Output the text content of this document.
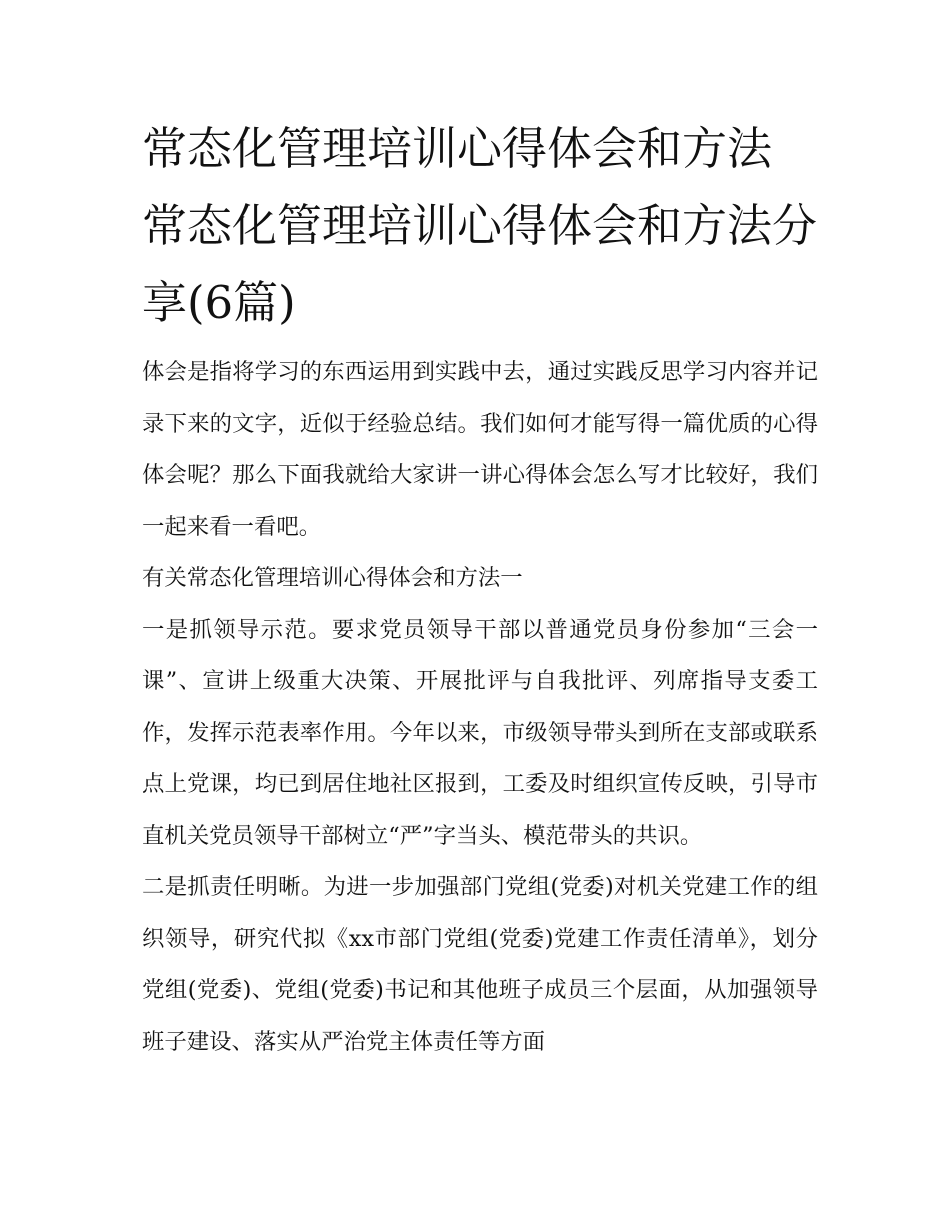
常态化管理培训心得体会和方法 常态化管理培训心得体会和方法分享(6篇)

体会是指将学习的东西运用到实践中去，通过实践反思学习内容并记录下来的文字，近似于经验总结。我们如何才能写得一篇优质的心得体会呢？那么下面我就给大家讲一讲心得体会怎么写才比较好，我们一起来看一看吧。

有关常态化管理培训心得体会和方法一

一是抓领导示范。要求党员领导干部以普通党员身份参加“三会一课”、宣讲上级重大决策、开展批评与自我批评、列席指导支委工作，发挥示范表率作用。今年以来，市级领导带头到所在支部或联系点上党课，均已到居住地社区报到，工委及时组织宣传反映，引导市直机关党员领导干部树立“严”字当头、模范带头的共识。

二是抓责任明晰。为进一步加强部门党组(党委)对机关党建工作的组织领导，研究代拟《xx市部门党组(党委)党建工作责任清单》，划分党组(党委)、党组(党委)书记和其他班子成员三个层面，从加强领导班子建设、落实从严治党主体责任等方面
